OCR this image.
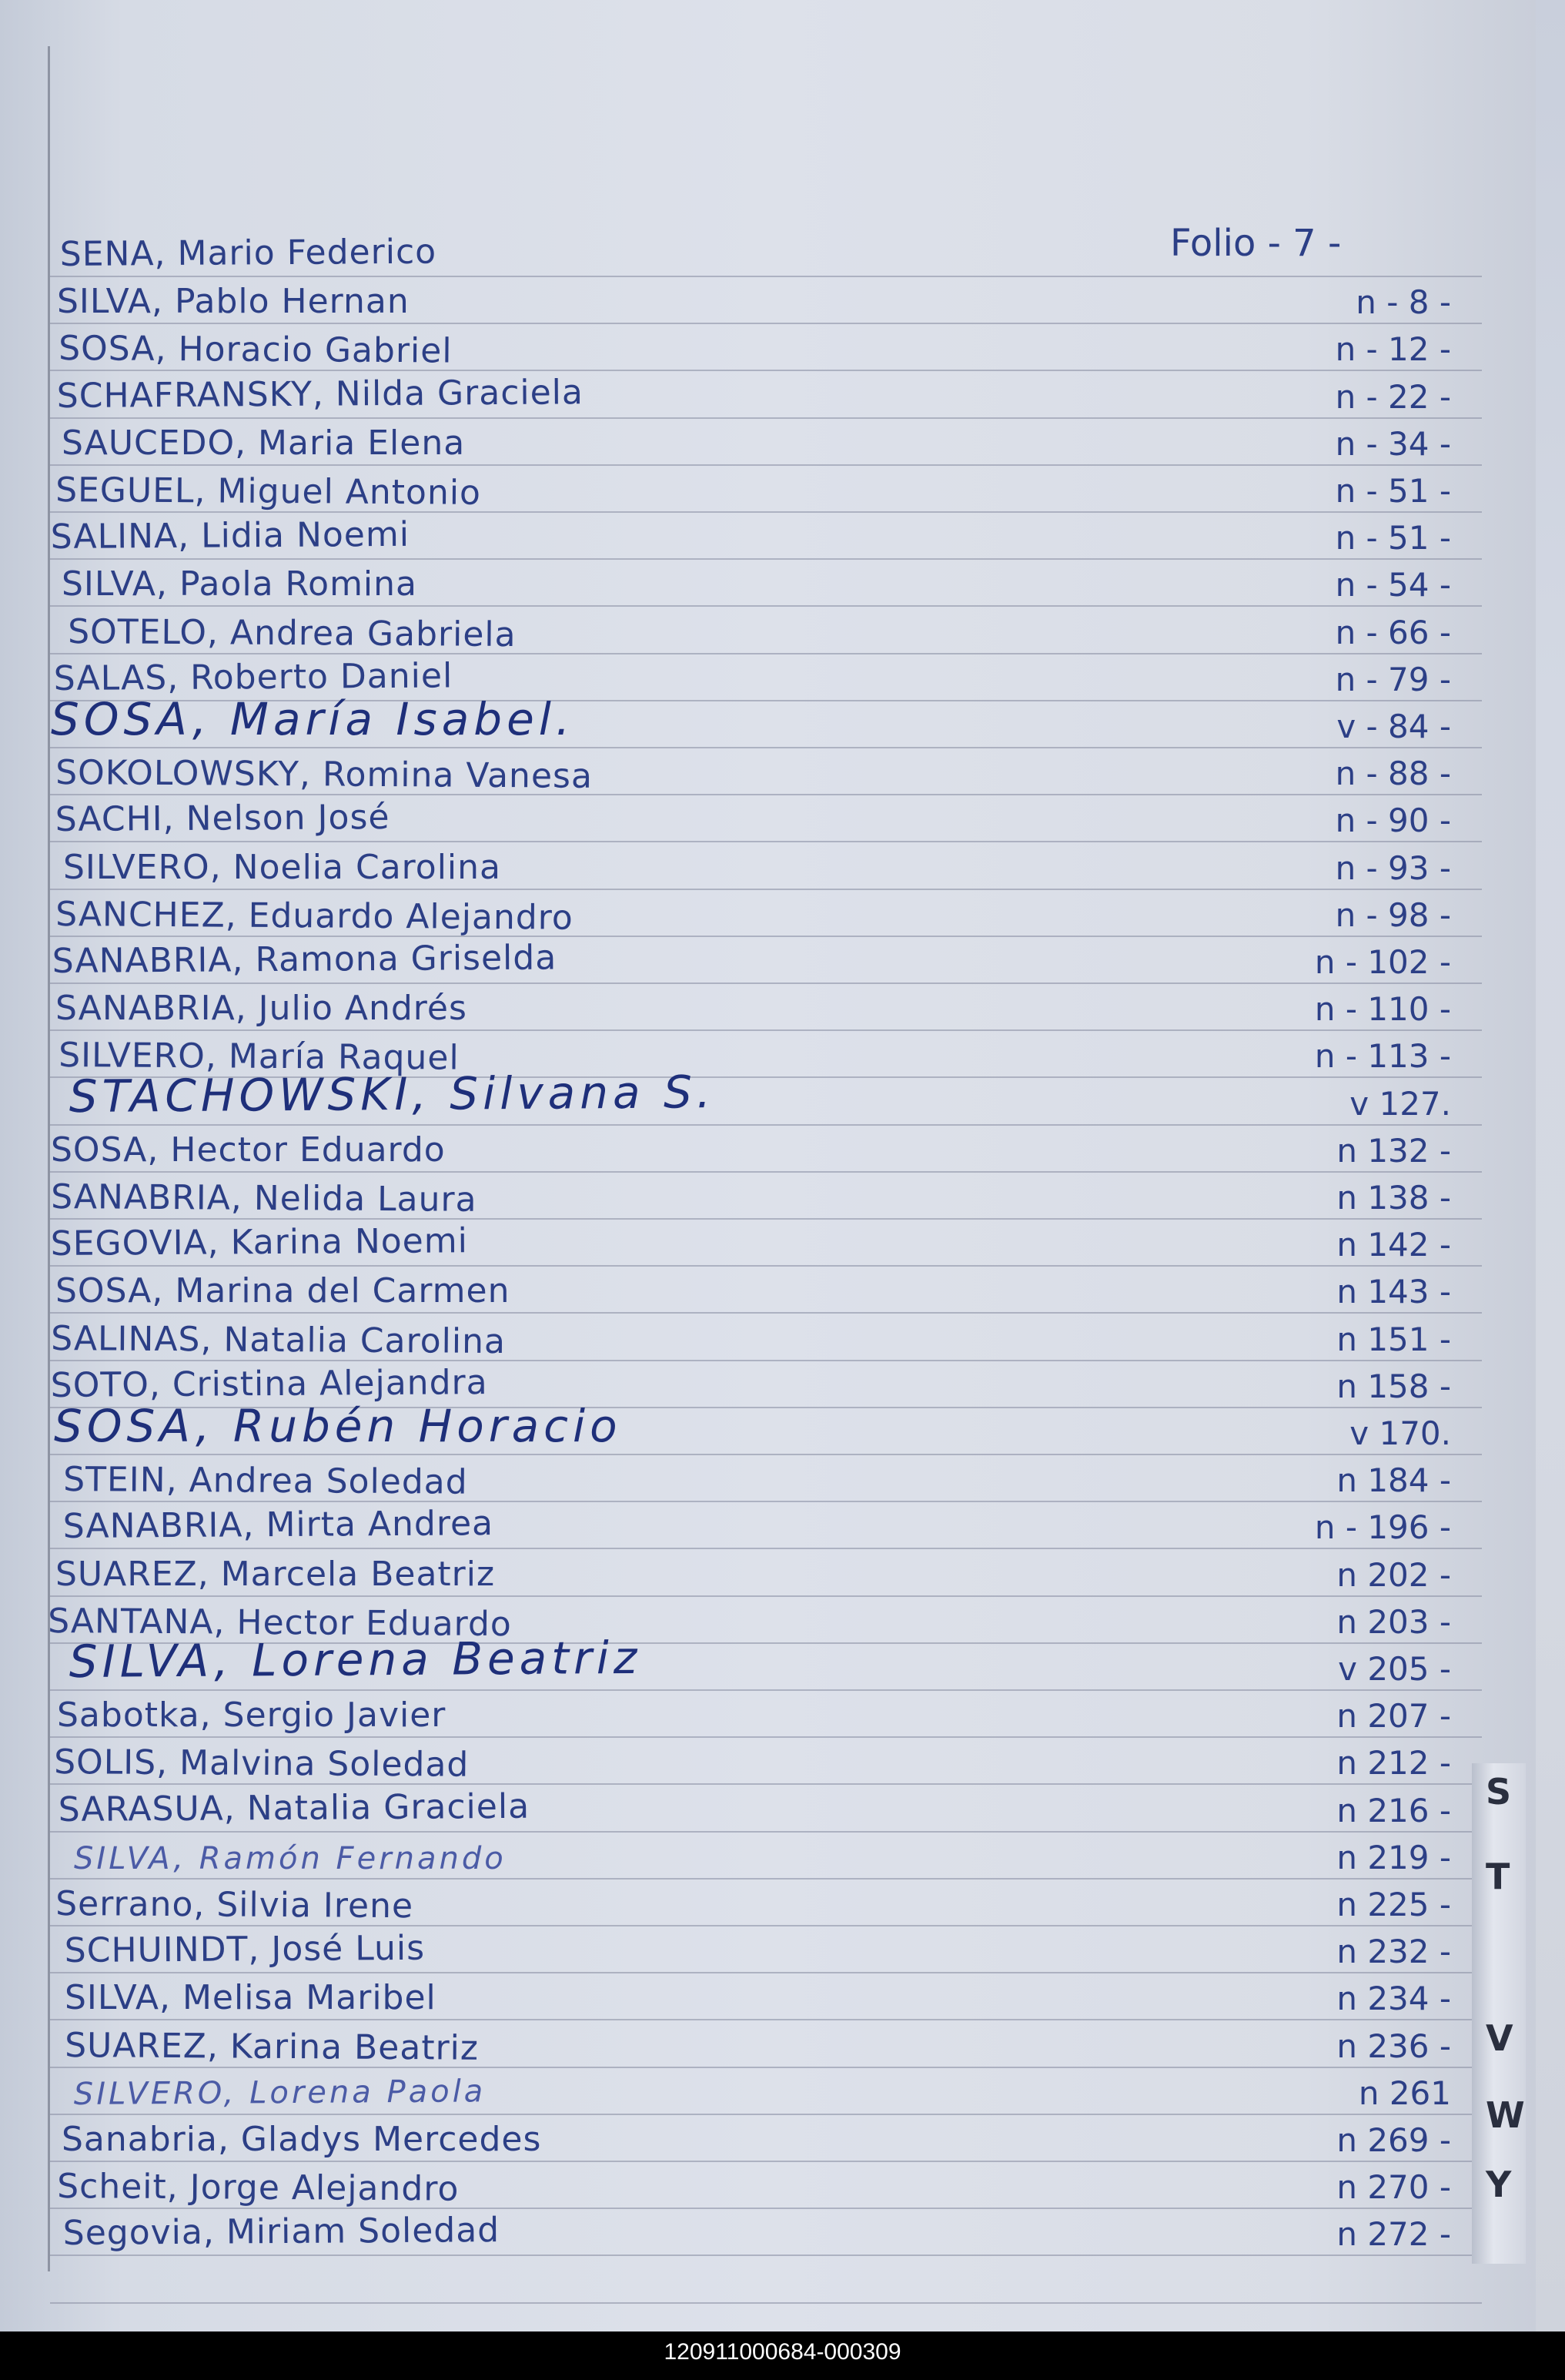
SENA, Mario Federico
SILVA, Pablo Hernan	n - 8 -
SOSA, Horacio Gabriel	n - 12 -
SCHAFRANSKY, Nilda Graciela	n - 22 -
SAUCEDO, Maria Elena	n - 34 -
SEGUEL, Miguel Antonio	n - 51 -
SALINA, Lidia Noemi	n - 51 -
SILVA, Paola Romina	n - 54 -
SOTELO, Andrea Gabriela	n - 66 -
SALAS, Roberto Daniel	n - 79 -
SOSA, María Isabel.	v - 84 -
SOKOLOWSKY, Romina Vanesa	n - 88 -
SACHI, Nelson José	n - 90 -
SILVERO, Noelia Carolina	n - 93 -
SANCHEZ, Eduardo Alejandro	n - 98 -
SANABRIA, Ramona Griselda	n - 102 -
SANABRIA, Julio Andrés	n - 110 -
SILVERO, María Raquel	n - 113 -
STACHOWSKI, Silvana S.	v 127.
SOSA, Hector Eduardo	n 132 -
SANABRIA, Nelida Laura	n 138 -
SEGOVIA, Karina Noemi	n 142 -
SOSA, Marina del Carmen	n 143 -
SALINAS, Natalia Carolina	n 151 -
SOTO, Cristina Alejandra	n 158 -
SOSA, Rubén Horacio	v 170.
STEIN, Andrea Soledad	n 184 -
SANABRIA, Mirta Andrea	n - 196 -
SUAREZ, Marcela Beatriz	n 202 -
SANTANA, Hector Eduardo	n 203 -
SILVA, Lorena Beatriz	v 205 -
Sabotka, Sergio Javier	n 207 -
SOLIS, Malvina Soledad	n 212 -
SARASUA, Natalia Graciela	n 216 -
SILVA, Ramón Fernando	n 219 -
Serrano, Silvia Irene	n 225 -
SCHUINDT, José Luis	n 232 -
SILVA, Melisa Maribel	n 234 -
SUAREZ, Karina Beatriz	n 236 -
SILVERO, Lorena Paola	n 261
Sanabria, Gladys Mercedes	n 269 -
Scheit, Jorge Alejandro	n 270 -
Segovia, Miriam Soledad	n 272 -
Folio - 7 -
S
T
V
W
Y
120911000684-000309
